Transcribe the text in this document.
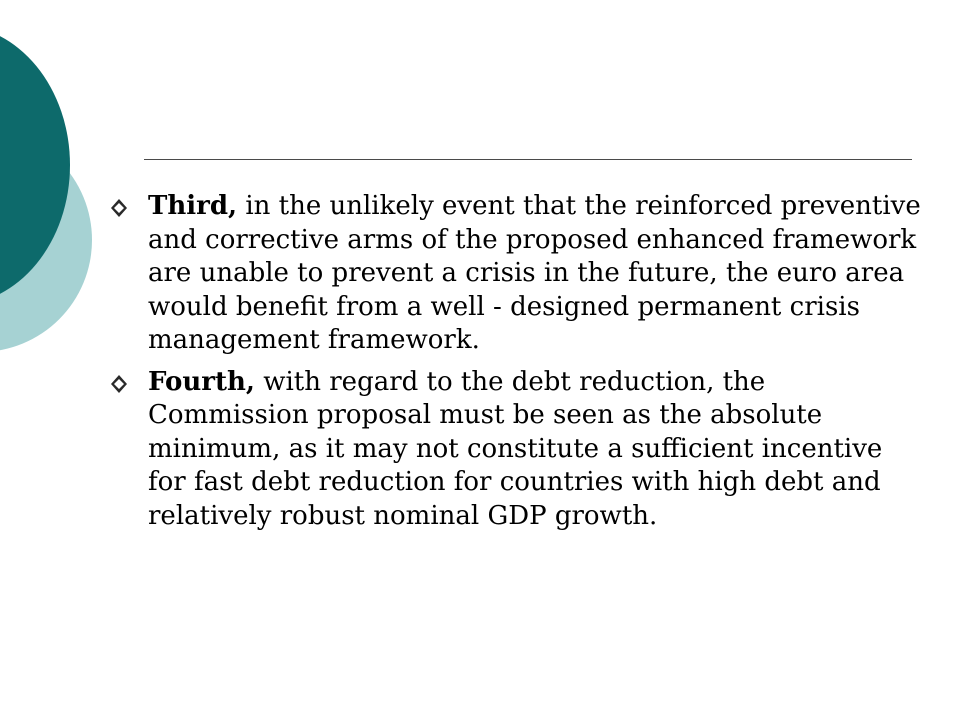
Third, in the unlikely event that the reinforced preventive and corrective arms of the proposed enhanced framework are unable to prevent a crisis in the future, the euro area would benefit from a well - designed permanent crisis management framework.
Fourth, with regard to the debt reduction, the Commission proposal must be seen as the absolute minimum, as it may not constitute a sufficient incentive for fast debt reduction for countries with high debt and relatively robust nominal GDP growth.
